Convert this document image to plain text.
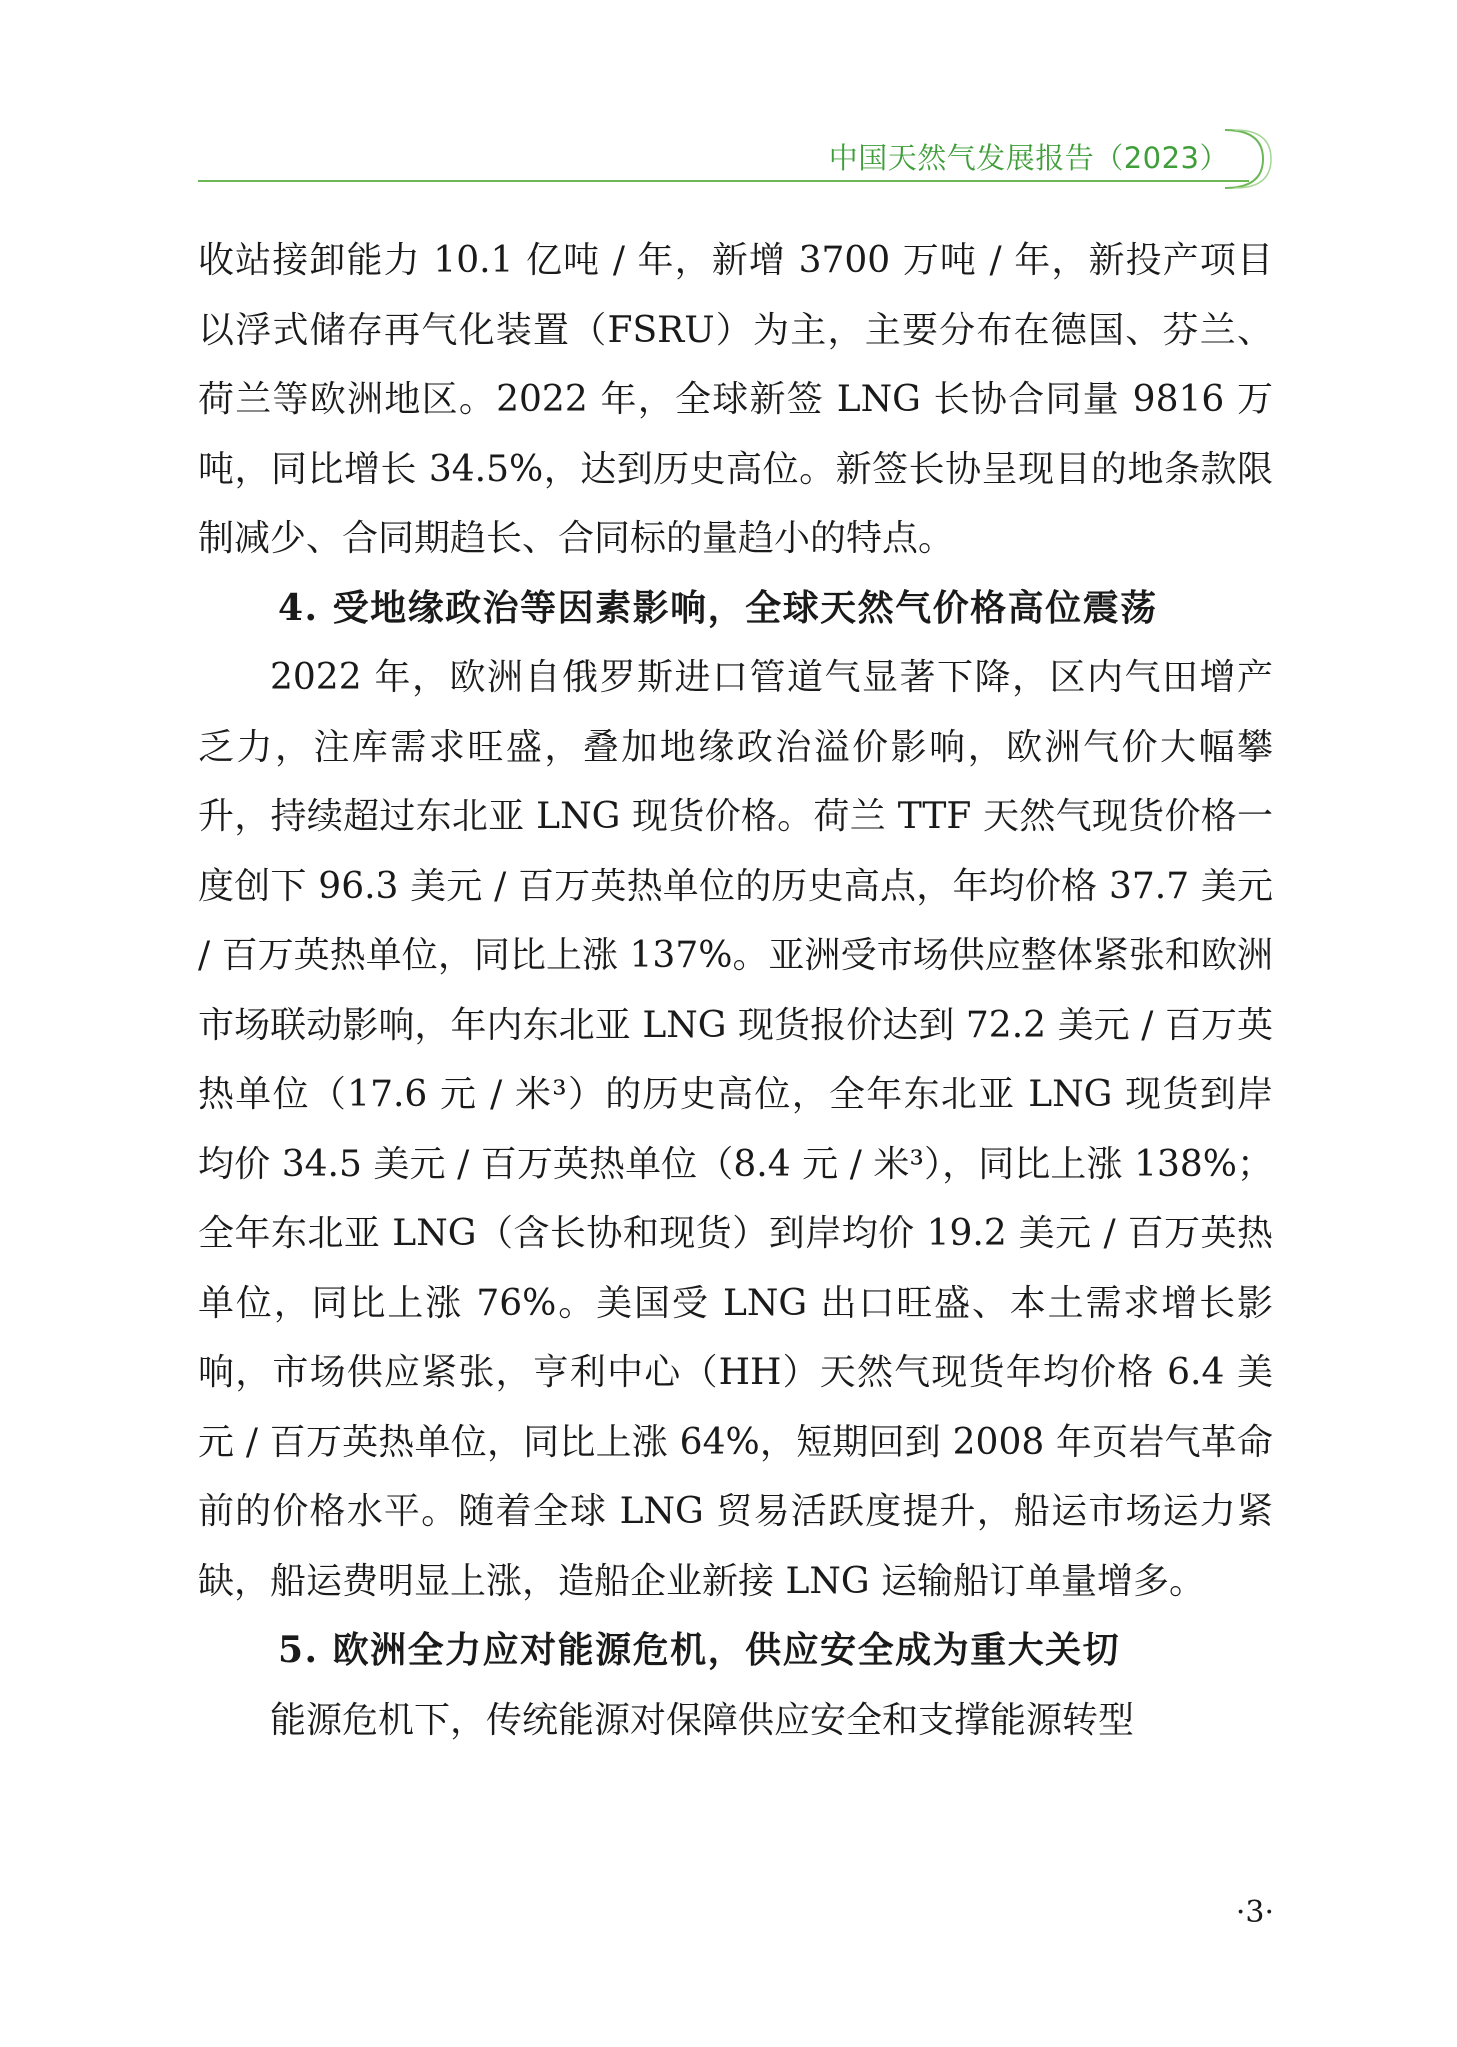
中国天然气发展报告（2023）

收站接卸能力 10.1 亿吨 / 年，新增 3700 万吨 / 年，新投产项目以浮式储存再气化装置（FSRU）为主，主要分布在德国、芬兰、荷兰等欧洲地区。2022 年，全球新签 LNG 长协合同量 9816 万吨，同比增长 34.5%，达到历史高位。新签长协呈现目的地条款限制减少、合同期趋长、合同标的量趋小的特点。

4. 受地缘政治等因素影响，全球天然气价格高位震荡

2022 年，欧洲自俄罗斯进口管道气显著下降，区内气田增产乏力，注库需求旺盛，叠加地缘政治溢价影响，欧洲气价大幅攀升，持续超过东北亚 LNG 现货价格。荷兰 TTF 天然气现货价格一度创下 96.3 美元 / 百万英热单位的历史高点，年均价格 37.7 美元 / 百万英热单位，同比上涨 137%。亚洲受市场供应整体紧张和欧洲市场联动影响，年内东北亚 LNG 现货报价达到 72.2 美元 / 百万英热单位（17.6 元 / 米³）的历史高位，全年东北亚 LNG 现货到岸均价 34.5 美元 / 百万英热单位（8.4 元 / 米³），同比上涨 138%；全年东北亚 LNG（含长协和现货）到岸均价 19.2 美元 / 百万英热单位，同比上涨 76%。美国受 LNG 出口旺盛、本土需求增长影响，市场供应紧张，亨利中心（HH）天然气现货年均价格 6.4 美元 / 百万英热单位，同比上涨 64%，短期回到 2008 年页岩气革命前的价格水平。随着全球 LNG 贸易活跃度提升，船运市场运力紧缺，船运费明显上涨，造船企业新接 LNG 运输船订单量增多。

5. 欧洲全力应对能源危机，供应安全成为重大关切

能源危机下，传统能源对保障供应安全和支撑能源转型

·3·
